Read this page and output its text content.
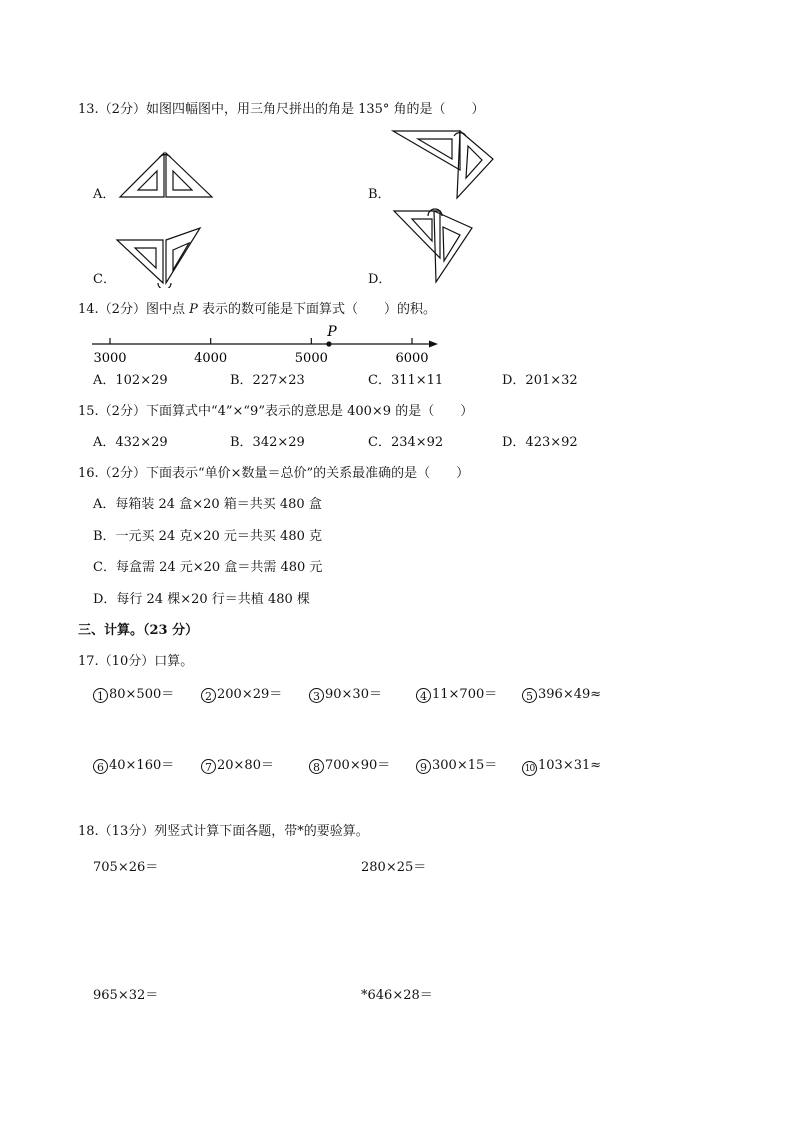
13.（2分）如图四幅图中，用三角尺拼出的角是 135° 角的是（　　）
A．	B．
C．	D．
14.（2分）图中点 P 表示的数可能是下面算式（　　）的积。
3000	4000	5000	6000
P
A．102×29	B．227×23	C．311×11	D．201×32
15.（2分）下面算式中“4”×“9”表示的意思是 400×9 的是（　　）
A．432×29	B．342×29	C．234×92	D．423×92
16.（2分）下面表示“单价×数量＝总价”的关系最准确的是（　　）
A．每箱装 24 盒×20 箱＝共买 480 盒
B．一元买 24 克×20 元＝共买 480 克
C．每盒需 24 元×20 盒＝共需 480 元
D．每行 24 棵×20 行＝共植 480 棵
三、计算。（23 分）
17.（10分）口算。
1 80×500＝	2 200×29＝	3 90×30＝	4 11×700＝	5 396×49≈
6 40×160＝	7 20×80＝	8 700×90＝	9 300×15＝	10 103×31≈
18.（13分）列竖式计算下面各题，带*的要验算。
705×26＝	280×25＝
965×32＝	*646×28＝
